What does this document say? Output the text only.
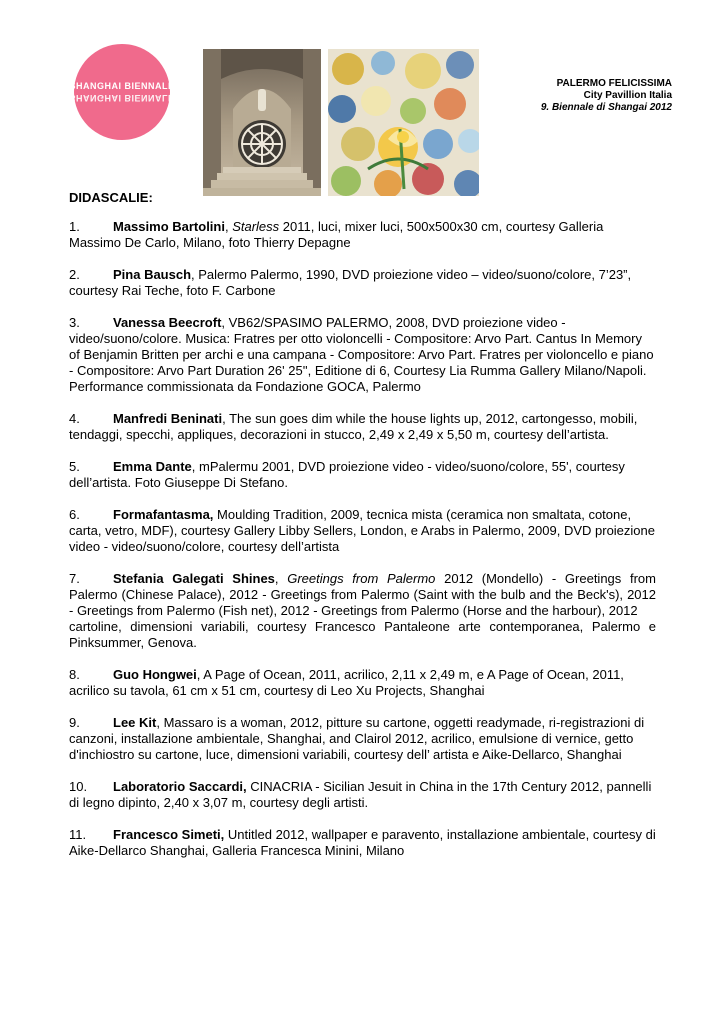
SHANGHAI BIENNALE
SHANGHAI BIENNALE
PALERMO FELICISSIMA
City Pavillion Italia
9. Biennale di Shangai 2012
DIDASCALIE:
1.	Massimo Bartolini, Starless 2011, luci, mixer luci, 500x500x30 cm, courtesy Galleria Massimo De Carlo, Milano, foto Thierry Depagne
2.	Pina Bausch, Palermo Palermo, 1990, DVD proiezione video – video/suono/colore, 7’23”, courtesy Rai Teche, foto F. Carbone
3.	Vanessa Beecroft, VB62/SPASIMO PALERMO, 2008, DVD proiezione video - video/suono/colore. Musica: Fratres per otto violoncelli - Compositore: Arvo Part. Cantus In Memory of Benjamin Britten per archi e una campana - Compositore: Arvo Part. Fratres per violoncello e piano - Compositore: Arvo Part Duration 26' 25'', Editione di 6, Courtesy Lia Rumma Gallery Milano/Napoli. Performance commissionata da Fondazione GOCA, Palermo
4.	Manfredi Beninati, The sun goes dim while the house lights up, 2012, cartongesso, mobili, tendaggi, specchi, appliques, decorazioni in stucco, 2,49 x 2,49 x 5,50 m, courtesy dell’artista.
5.	Emma Dante, mPalermu 2001, DVD proiezione video - video/suono/colore, 55', courtesy dell’artista. Foto Giuseppe Di Stefano.
6.	Formafantasma, Moulding Tradition, 2009, tecnica mista (ceramica non smaltata, cotone, carta, vetro, MDF), courtesy Gallery Libby Sellers, London, e Arabs in Palermo, 2009, DVD proiezione video - video/suono/colore, courtesy dell’artista
7.	Stefania Galegati Shines, Greetings from Palermo 2012 (Mondello) - Greetings from Palermo (Chinese Palace), 2012 - Greetings from Palermo (Saint with the bulb and the Beck's), 2012 - Greetings from Palermo (Fish net), 2012 - Greetings from Palermo (Horse and the harbour), 2012
cartoline, dimensioni variabili, courtesy Francesco Pantaleone arte contemporanea, Palermo e Pinksummer, Genova.
8.	Guo Hongwei, A Page of Ocean, 2011, acrilico, 2,11 x 2,49 m, e A Page of Ocean, 2011, acrilico su tavola, 61 cm x 51 cm, courtesy di Leo Xu Projects, Shanghai
9.	Lee Kit, Massaro is a woman, 2012, pitture su cartone, oggetti readymade, ri-registrazioni di canzoni, installazione ambientale, Shanghai, and Clairol 2012, acrilico, emulsione di vernice, getto d'inchiostro su cartone, luce, dimensioni variabili, courtesy dell’ artista e Aike-Dellarco, Shanghai
10. Laboratorio Saccardi, CINACRIA - Sicilian Jesuit in China in the 17th Century 2012, pannelli di legno dipinto, 2,40 x 3,07 m, courtesy degli artisti.
11. Francesco Simeti, Untitled 2012, wallpaper e paravento, installazione ambientale, courtesy di Aike-Dellarco Shanghai, Galleria Francesca Minini, Milano
